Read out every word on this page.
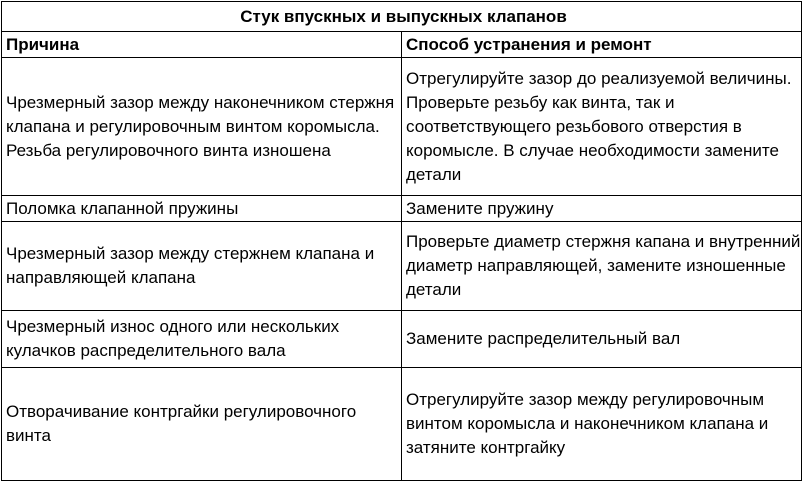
Стук впускных и выпускных клапанов	
Причина	Способ устранения и ремонт
Чрезмерный зазор между наконечником стержня клапана и регулировочным винтом коромысла. Резьба регулировочного винта изношена	Отрегулируйте зазор до реализуемой величины. Проверьте резьбу как винта, так и соответствующего резьбового отверстия в коромысле. В случае необходимости замените детали
Поломка клапанной пружины	Замените пружину
Чрезмерный зазор между стержнем клапана и направляющей клапана	Проверьте диаметр стержня капана и внутренний диаметр направляющей, замените изношенные детали
Чрезмерный износ одного или нескольких кулачков распределительного вала	Замените распределительный вал
Отворачивание контргайки регулировочного винта	Отрегулируйте зазор между регулировочным винтом коромысла и наконечником клапана и затяните контргайку
